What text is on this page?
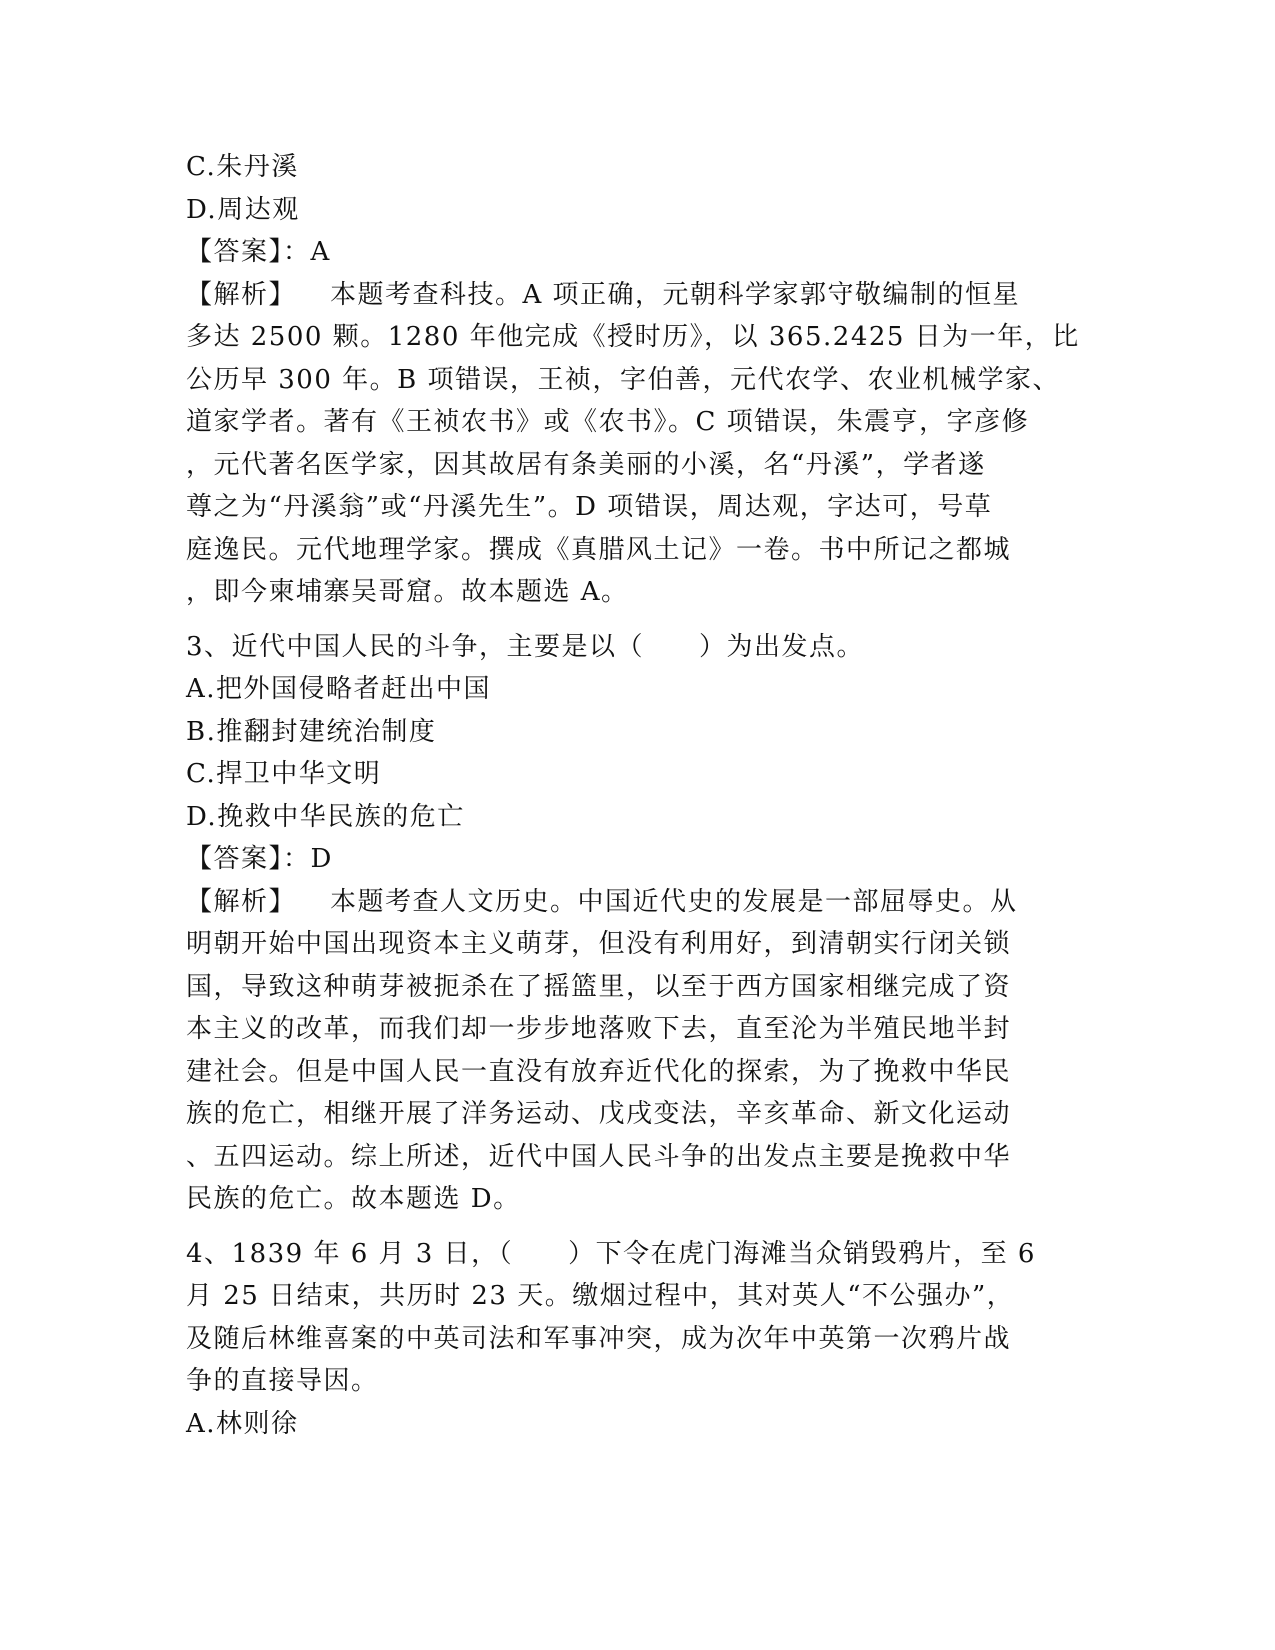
C.朱丹溪

D.周达观

【答案】：A

【解析】 本题考查科技。A 项正确，元朝科学家郭守敬编制的恒星

多达 2500 颗。1280 年他完成《授时历》，以 365.2425 日为一年，比

公历早 300 年。B 项错误，王祯，字伯善，元代农学、农业机械学家、

道家学者。著有《王祯农书》或《农书》。C 项错误，朱震亨，字彦修

，元代著名医学家，因其故居有条美丽的小溪，名“丹溪”，学者遂

尊之为“丹溪翁”或“丹溪先生”。D 项错误，周达观，字达可，号草

庭逸民。元代地理学家。撰成《真腊风土记》一卷。书中所记之都城

，即今柬埔寨吴哥窟。故本题选 A。

3、近代中国人民的斗争，主要是以（　　）为出发点。

A.把外国侵略者赶出中国

B.推翻封建统治制度

C.捍卫中华文明

D.挽救中华民族的危亡

【答案】：D

【解析】 本题考查人文历史。中国近代史的发展是一部屈辱史。从

明朝开始中国出现资本主义萌芽，但没有利用好，到清朝实行闭关锁

国，导致这种萌芽被扼杀在了摇篮里，以至于西方国家相继完成了资

本主义的改革，而我们却一步步地落败下去，直至沦为半殖民地半封

建社会。但是中国人民一直没有放弃近代化的探索，为了挽救中华民

族的危亡，相继开展了洋务运动、戊戌变法，辛亥革命、新文化运动

、五四运动。综上所述，近代中国人民斗争的出发点主要是挽救中华

民族的危亡。故本题选 D。

4、1839 年 6 月 3 日，（　　）下令在虎门海滩当众销毁鸦片，至 6

月 25 日结束，共历时 23 天。缴烟过程中，其对英人“不公强办”，

及随后林维喜案的中英司法和军事冲突，成为次年中英第一次鸦片战

争的直接导因。

A.林则徐
